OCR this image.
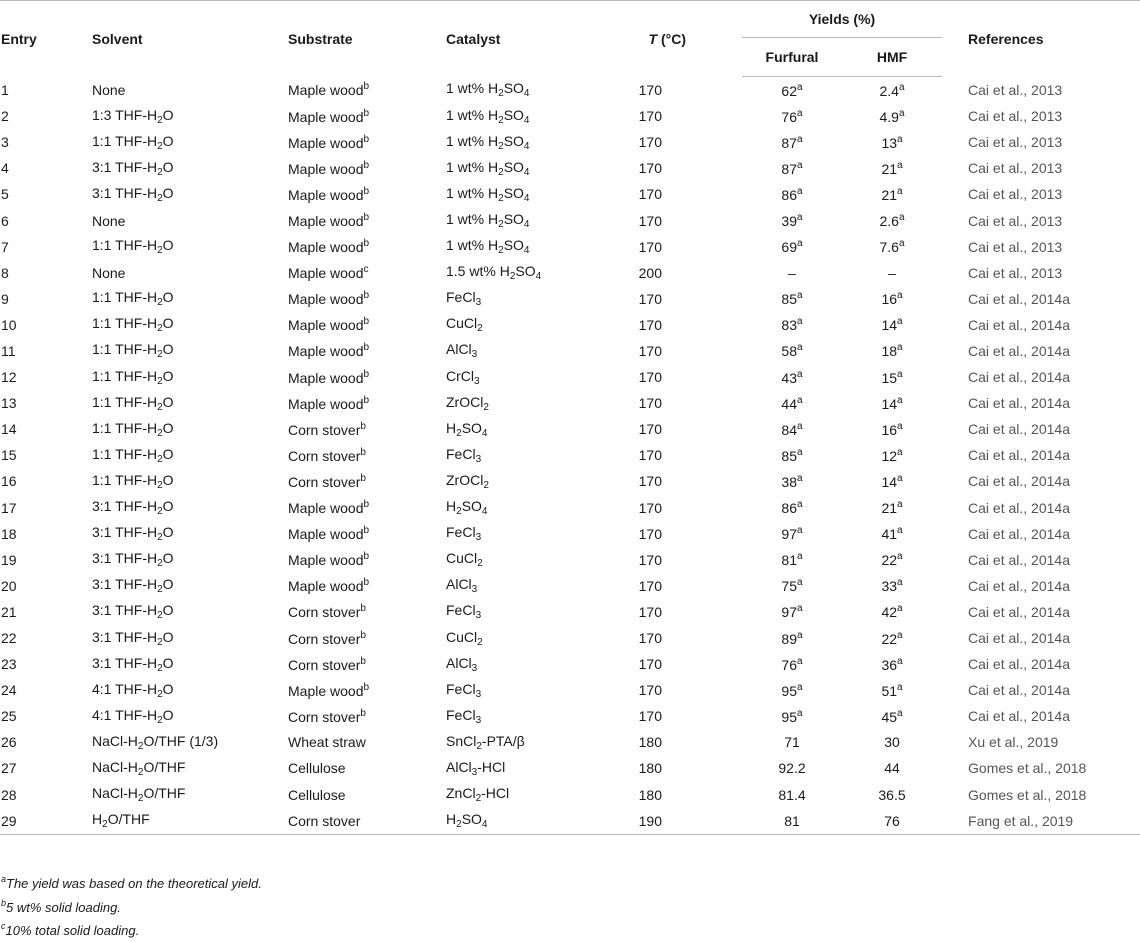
Entry	Solvent	Substrate	Catalyst	T (°C)	Yields (%)		References
					Furfural	HMF	
1	None	Maple wood$^b$	1 wt% $H_2SO_4$	170	62$^a$	2.4$^a$	Cai et al., 2013
2	1:3 THF-$H_2O$	Maple wood$^b$	1 wt% $H_2SO_4$	170	76$^a$	4.9$^a$	Cai et al., 2013
3	1:1 THF-$H_2O$	Maple wood$^b$	1 wt% $H_2SO_4$	170	87$^a$	13$^a$	Cai et al., 2013
4	3:1 THF-$H_2O$	Maple wood$^b$	1 wt% $H_2SO_4$	170	87$^a$	21$^a$	Cai et al., 2013
5	3:1 THF-$H_2O$	Maple wood$^b$	1 wt% $H_2SO_4$	170	86$^a$	21$^a$	Cai et al., 2013
6	None	Maple wood$^b$	1 wt% $H_2SO_4$	170	39$^a$	2.6$^a$	Cai et al., 2013
7	1:1 THF-$H_2O$	Maple wood$^b$	1 wt% $H_2SO_4$	170	69$^a$	7.6$^a$	Cai et al., 2013
8	None	Maple wood$^c$	1.5 wt% $H_2SO_4$	200	–	–	Cai et al., 2013
9	1:1 THF-$H_2O$	Maple wood$^b$	FeCl$_3$	170	85$^a$	16$^a$	Cai et al., 2014a
10	1:1 THF-$H_2O$	Maple wood$^b$	CuCl$_2$	170	83$^a$	14$^a$	Cai et al., 2014a
11	1:1 THF-$H_2O$	Maple wood$^b$	AlCl$_3$	170	58$^a$	18$^a$	Cai et al., 2014a
12	1:1 THF-$H_2O$	Maple wood$^b$	CrCl$_3$	170	43$^a$	15$^a$	Cai et al., 2014a
13	1:1 THF-$H_2O$	Maple wood$^b$	ZrOCl$_2$	170	44$^a$	14$^a$	Cai et al., 2014a
14	1:1 THF-$H_2O$	Corn stover$^b$	$H_2SO_4$	170	84$^a$	16$^a$	Cai et al., 2014a
15	1:1 THF-$H_2O$	Corn stover$^b$	FeCl$_3$	170	85$^a$	12$^a$	Cai et al., 2014a
16	1:1 THF-$H_2O$	Corn stover$^b$	ZrOCl$_2$	170	38$^a$	14$^a$	Cai et al., 2014a
17	3:1 THF-$H_2O$	Maple wood$^b$	$H_2SO_4$	170	86$^a$	21$^a$	Cai et al., 2014a
18	3:1 THF-$H_2O$	Maple wood$^b$	FeCl$_3$	170	97$^a$	41$^a$	Cai et al., 2014a
19	3:1 THF-$H_2O$	Maple wood$^b$	CuCl$_2$	170	81$^a$	22$^a$	Cai et al., 2014a
20	3:1 THF-$H_2O$	Maple wood$^b$	AlCl$_3$	170	75$^a$	33$^a$	Cai et al., 2014a
21	3:1 THF-$H_2O$	Corn stover$^b$	FeCl$_3$	170	97$^a$	42$^a$	Cai et al., 2014a
22	3:1 THF-$H_2O$	Corn stover$^b$	CuCl$_2$	170	89$^a$	22$^a$	Cai et al., 2014a
23	3:1 THF-$H_2O$	Corn stover$^b$	AlCl$_3$	170	76$^a$	36$^a$	Cai et al., 2014a
24	4:1 THF-$H_2O$	Maple wood$^b$	FeCl$_3$	170	95$^a$	51$^a$	Cai et al., 2014a
25	4:1 THF-$H_2O$	Corn stover$^b$	FeCl$_3$	170	95$^a$	45$^a$	Cai et al., 2014a
26	NaCl-$H_2O$/THF (1/3)	Wheat straw	SnCl$_2$-PTA/β	180	71	30	Xu et al., 2019
27	NaCl-$H_2O$/THF	Cellulose	AlCl$_3$-HCl	180	92.2	44	Gomes et al., 2018
28	NaCl-$H_2O$/THF	Cellulose	ZnCl$_2$-HCl	180	81.4	36.5	Gomes et al., 2018
29	$H_2O$/THF	Corn stover	$H_2SO_4$	190	81	76	Fang et al., 2019
$^a$The yield was based on the theoretical yield.
$^b$5 wt% solid loading.
$^c$10% total solid loading.
